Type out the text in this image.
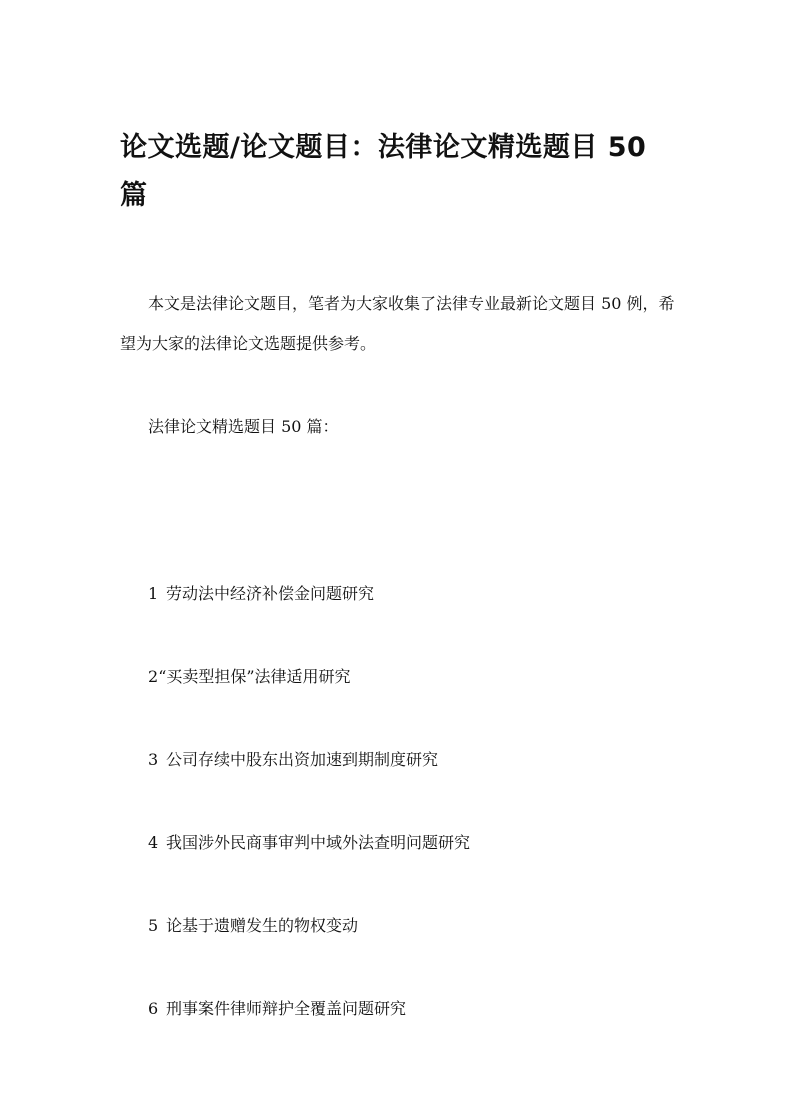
论文选题/论文题目：法律论文精选题目 50 篇

本文是法律论文题目，笔者为大家收集了法律专业最新论文题目 50 例，希望为大家的法律论文选题提供参考。

法律论文精选题目 50 篇：

1 劳动法中经济补偿金问题研究

2“买卖型担保”法律适用研究

3 公司存续中股东出资加速到期制度研究

4 我国涉外民商事审判中域外法查明问题研究

5 论基于遗赠发生的物权变动

6 刑事案件律师辩护全覆盖问题研究
